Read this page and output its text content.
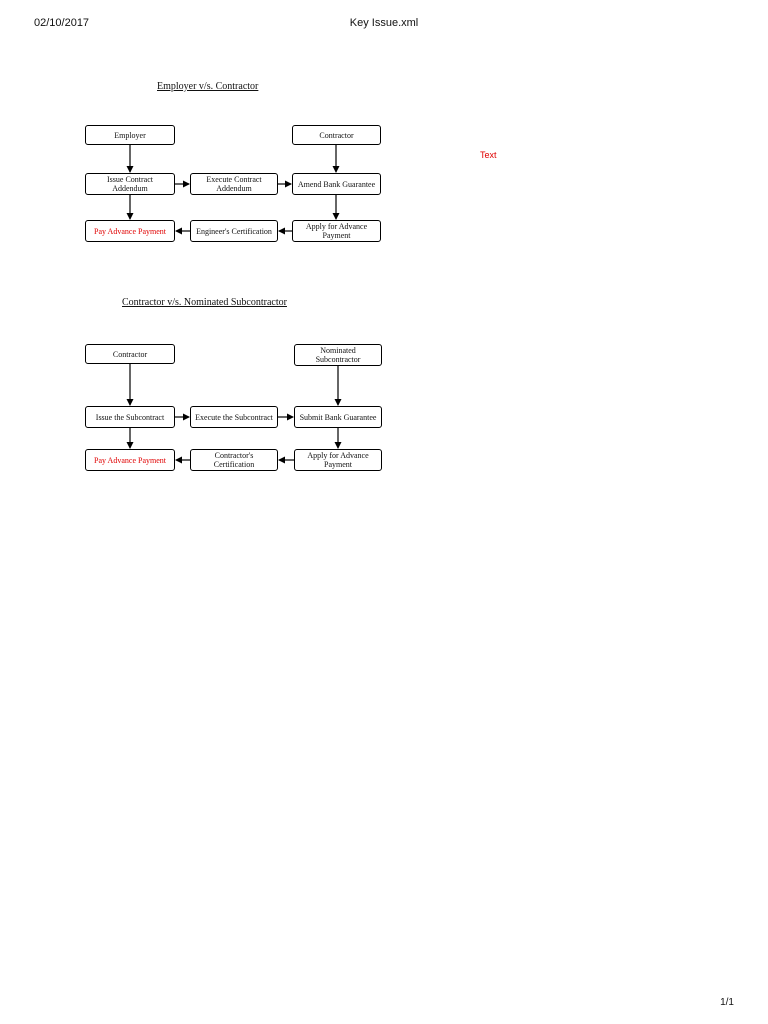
02/10/2017	Key Issue.xml
Employer v/s. Contractor
Employer	Contractor
Issue Contract Addendum
Execute Contract Addendum	Amend Bank Guarantee
Pay Advance Payment	Engineer's Certification	Apply for Advance Payment
Contractor v/s. Nominated Subcontractor
Contractor	Nominated Subcontractor
Issue the Subcontract	Execute the Subcontract	Submit Bank Guarantee
Pay Advance Payment	Contractor's Certification
Apply for Advance Payment
Text
1/1
